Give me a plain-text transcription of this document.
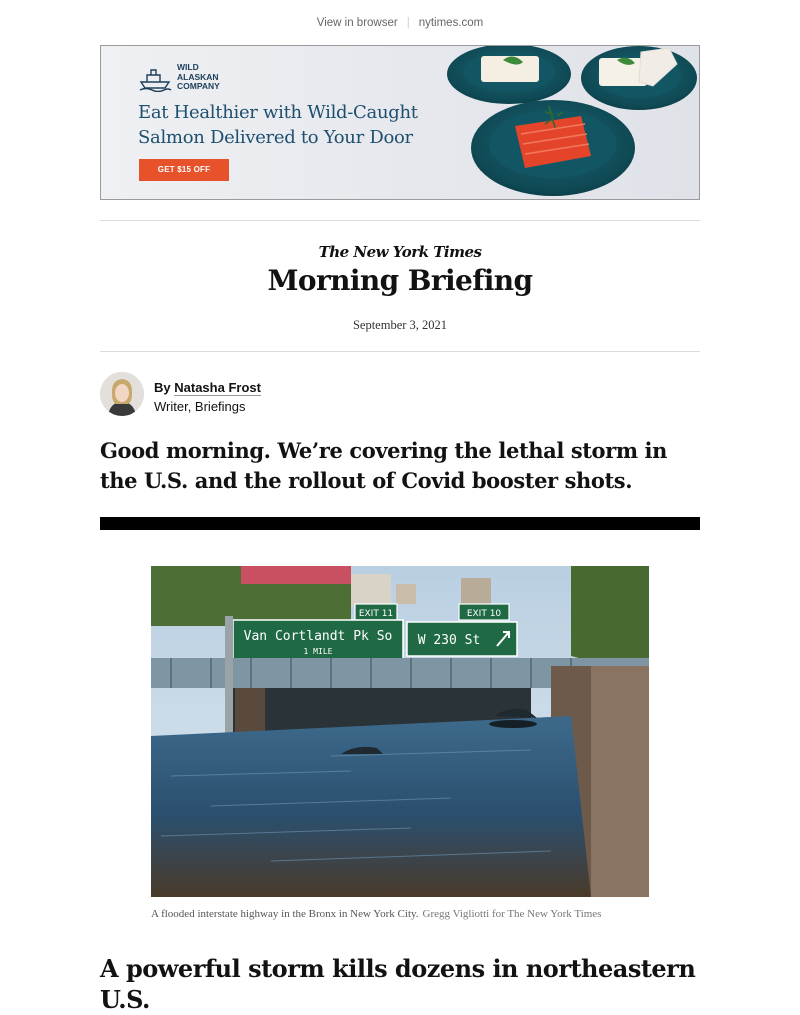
View in browser | nytimes.com
WILD
ALASKAN
COMPANY
Eat Healthier with Wild-Caught
Salmon Delivered to Your Door
GET $15 OFF
The New York Times
Morning Briefing
September 3, 2021
By Natasha Frost
Writer, Briefings
Good morning. We’re covering the lethal storm in the U.S. and the rollout of Covid booster shots.
EXIT 11	EXIT 10
Van Cortlandt Pk So
1 MILE
W 230 St
A flooded interstate highway in the Bronx in New York City. Gregg Vigliotti for The New York Times
A powerful storm kills dozens in northeastern U.S.
